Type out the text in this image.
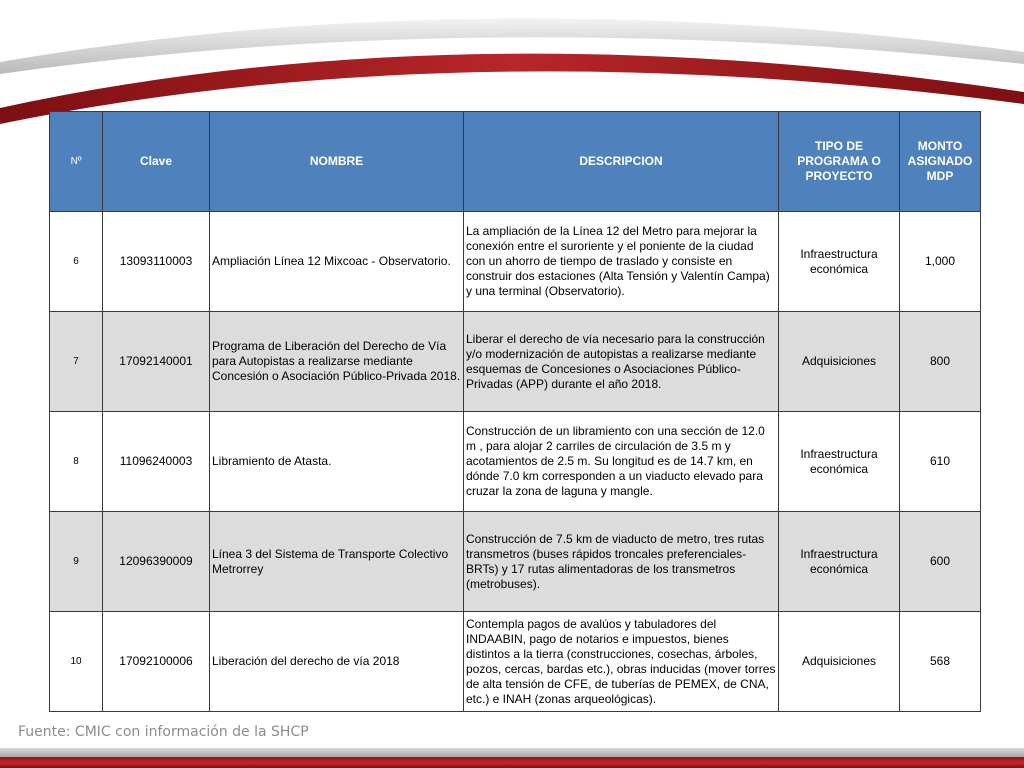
Nº	Clave	NOMBRE	DESCRIPCION	TIPO DE PROGRAMA O PROYECTO	MONTO ASIGNADO MDP
6	13093110003	Ampliación Línea 12 Mixcoac - Observatorio.	La ampliación de la Línea 12 del Metro para mejorar la conexión entre el suroriente y el poniente de la ciudad con un ahorro de tiempo de traslado y consiste en construir dos estaciones (Alta Tensión y Valentín Campa) y una terminal (Observatorio).	Infraestructura económica	1,000
7	17092140001	Programa de Liberación del Derecho de Vía para Autopistas a realizarse mediante Concesión o Asociación Público-Privada 2018.	Liberar el derecho de vía necesario para la construcción y/o modernización de autopistas a realizarse mediante esquemas de Concesiones o Asociaciones Público-Privadas (APP) durante el año 2018.	Adquisiciones	800
8	11096240003	Libramiento de Atasta.	Construcción de un libramiento con una sección de 12.0 m , para alojar 2 carriles de circulación de 3.5 m y acotamientos de 2.5 m. Su longitud es de 14.7 km, en dónde 7.0 km corresponden a un viaducto elevado para cruzar la zona de laguna y mangle.	Infraestructura económica	610
9	12096390009	Línea 3 del Sistema de Transporte Colectivo Metrorrey	Construcción de 7.5 km de viaducto de metro, tres rutas transmetros (buses rápidos troncales preferenciales-BRTs) y 17 rutas alimentadoras de los transmetros (metrobuses).	Infraestructura económica	600
10	17092100006	Liberación del derecho de vía 2018	Contempla pagos de avalúos y tabuladores del INDAABIN, pago de notarios e impuestos, bienes distintos a la tierra (construcciones, cosechas, árboles, pozos, cercas, bardas etc.), obras inducidas (mover torres de alta tensión de CFE, de tuberías de PEMEX, de CNA, etc.) e INAH (zonas arqueológicas).	Adquisiciones	568
Fuente: CMIC con información de la SHCP
